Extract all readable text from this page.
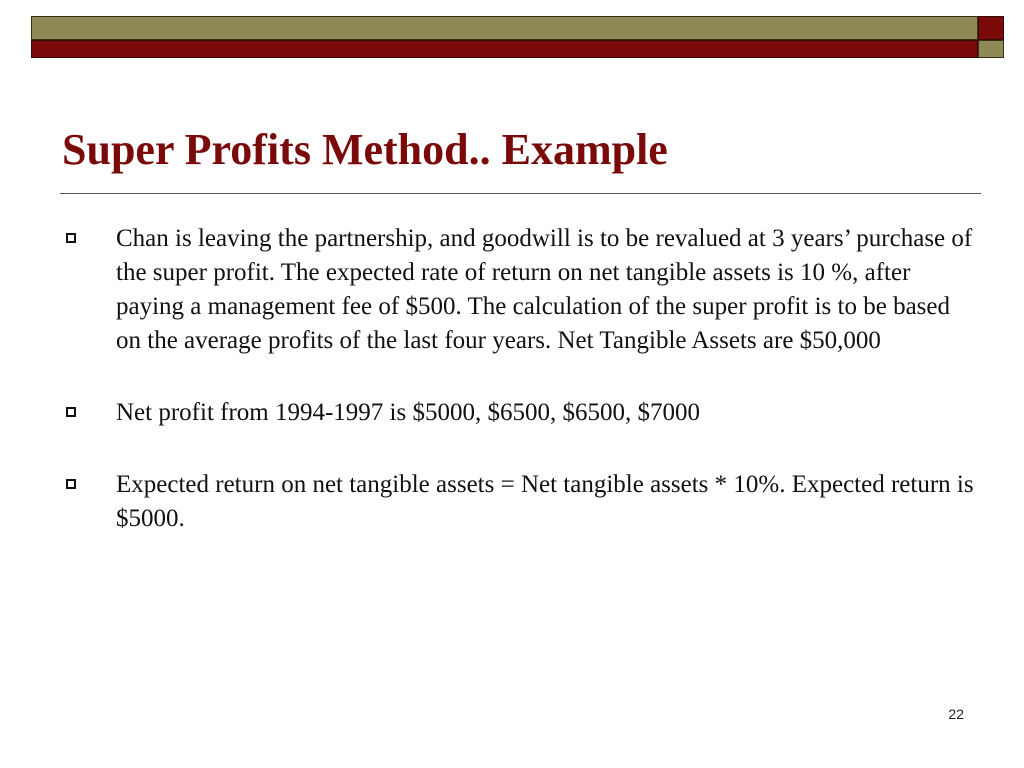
Super Profits Method.. Example
Chan is leaving the partnership, and goodwill is to be revalued at 3 years’ purchase of the super profit. The expected rate of return on net tangible assets is 10 %, after paying a management fee of $500. The calculation of the super profit is to be based on the average profits of the last four years. Net Tangible Assets are $50,000
Net profit from 1994-1997 is $5000, $6500, $6500, $7000
Expected return on net tangible assets = Net tangible assets * 10%. Expected return is $5000.
22
